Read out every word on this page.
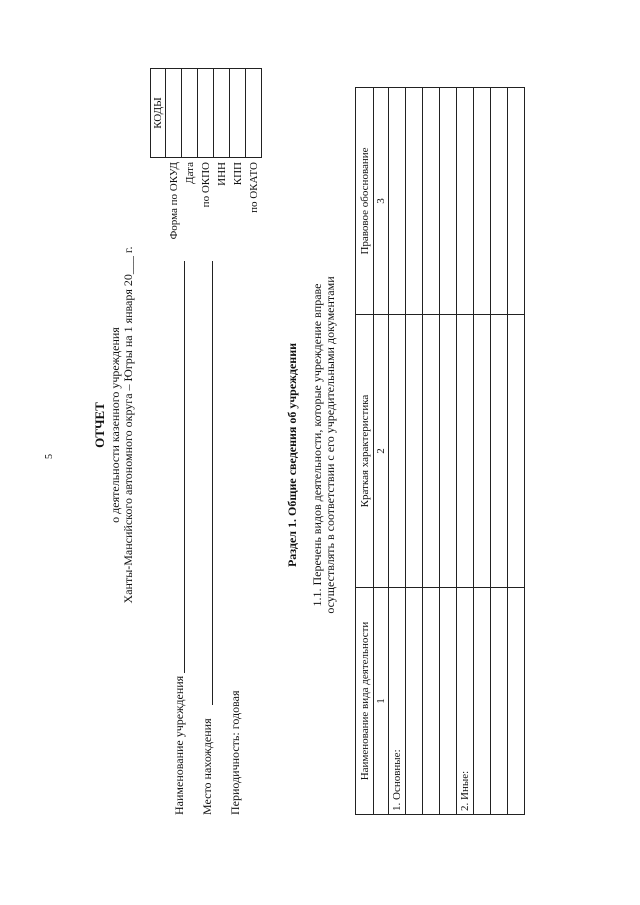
5
ОТЧЕТ о деятельности казенного учреждения Ханты-Мансийского автономного округа – Югры на 1 января 20___ г.
Наименование учреждения Место нахождения Периодичность: годовая
	КОДЫ
Форма по ОКУД	
Дата	
по ОКПО	
ИНН	
КПП	
по ОКАТО	
Раздел 1. Общие сведения об учреждении 1.1. Перечень видов деятельности, которые учреждение вправе осуществлять в соответствии с его учредительными документами
Наименование вида деятельности	Краткая характеристика	Правовое обоснование
1	2	3
1. Основные:		

2. Иные:		
